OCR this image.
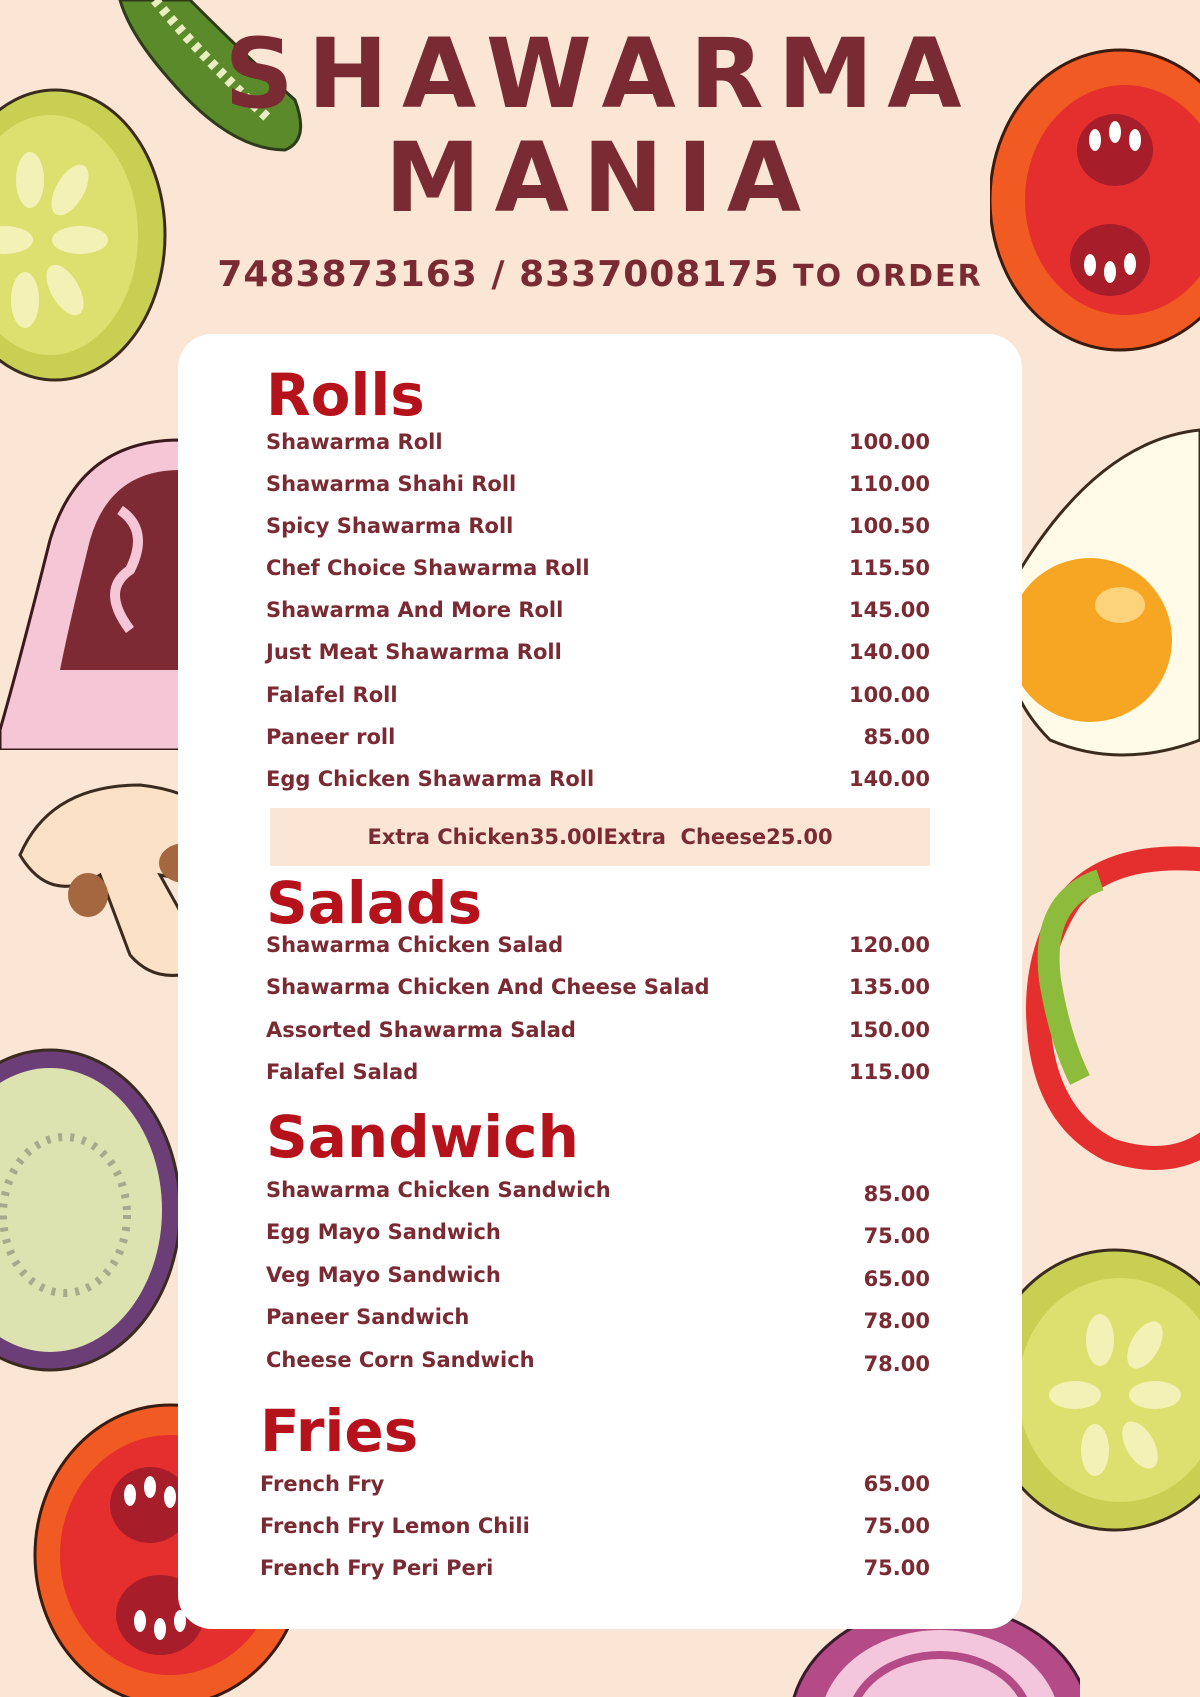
SHAWARMA
MANIA
7483873163 / 8337008175 TO ORDER
Rolls
Shawarma Roll	100.00
Shawarma Shahi Roll	110.00
Spicy Shawarma Roll	100.50
Chef Choice Shawarma Roll	115.50
Shawarma And More Roll	145.00
Just Meat Shawarma Roll	140.00
Falafel Roll	100.00
Paneer roll	85.00
Egg Chicken Shawarma Roll	140.00
Extra Chicken 35.00 l Extra  Cheese 25.00
Salads
Shawarma Chicken Salad	120.00
Shawarma Chicken And Cheese Salad	135.00
Assorted Shawarma Salad	150.00
Falafel Salad	115.00
Sandwich
Shawarma Chicken Sandwich	85.00
Egg Mayo Sandwich	75.00
Veg Mayo Sandwich	65.00
Paneer Sandwich	78.00
Cheese Corn Sandwich	78.00
Fries
French Fry	65.00
French Fry Lemon Chili	75.00
French Fry Peri Peri	75.00
